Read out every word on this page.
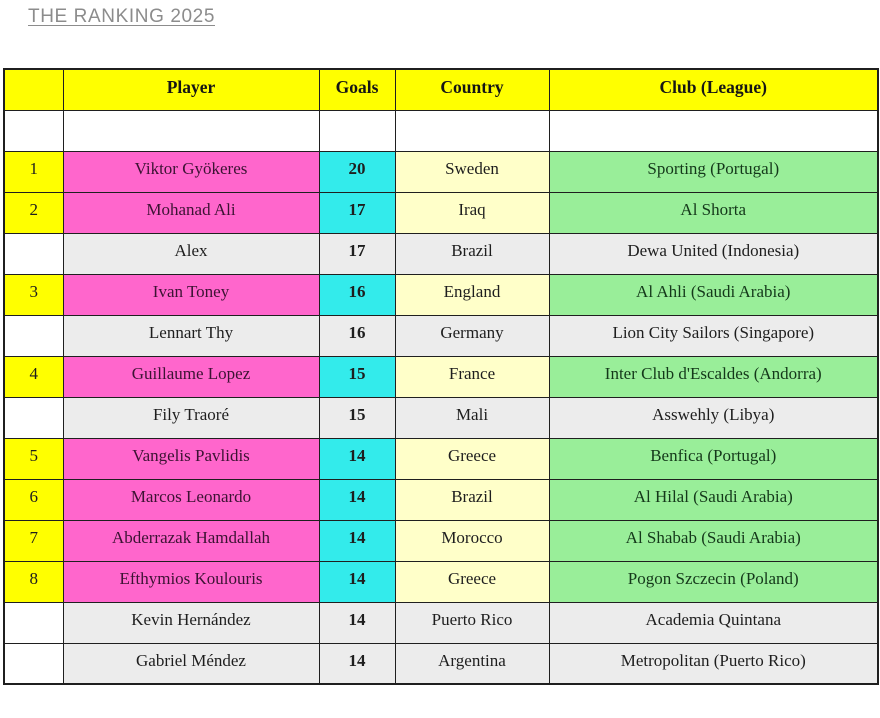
THE RANKING 2025
	Player	Goals	Country	Club (League)

1	Viktor Gyökeres	20	Sweden	Sporting (Portugal)
2	Mohanad Ali	17	Iraq	Al Shorta
	Alex	17	Brazil	Dewa United (Indonesia)
3	Ivan Toney	16	England	Al Ahli (Saudi Arabia)
	Lennart Thy	16	Germany	Lion City Sailors (Singapore)
4	Guillaume Lopez	15	France	Inter Club d'Escaldes (Andorra)
	Fily Traoré	15	Mali	Asswehly (Libya)
5	Vangelis Pavlidis	14	Greece	Benfica (Portugal)
6	Marcos Leonardo	14	Brazil	Al Hilal (Saudi Arabia)
7	Abderrazak Hamdallah	14	Morocco	Al Shabab (Saudi Arabia)
8	Efthymios Koulouris	14	Greece	Pogon Szczecin (Poland)
	Kevin Hernández	14	Puerto Rico	Academia Quintana
	Gabriel Méndez	14	Argentina	Metropolitan (Puerto Rico)
